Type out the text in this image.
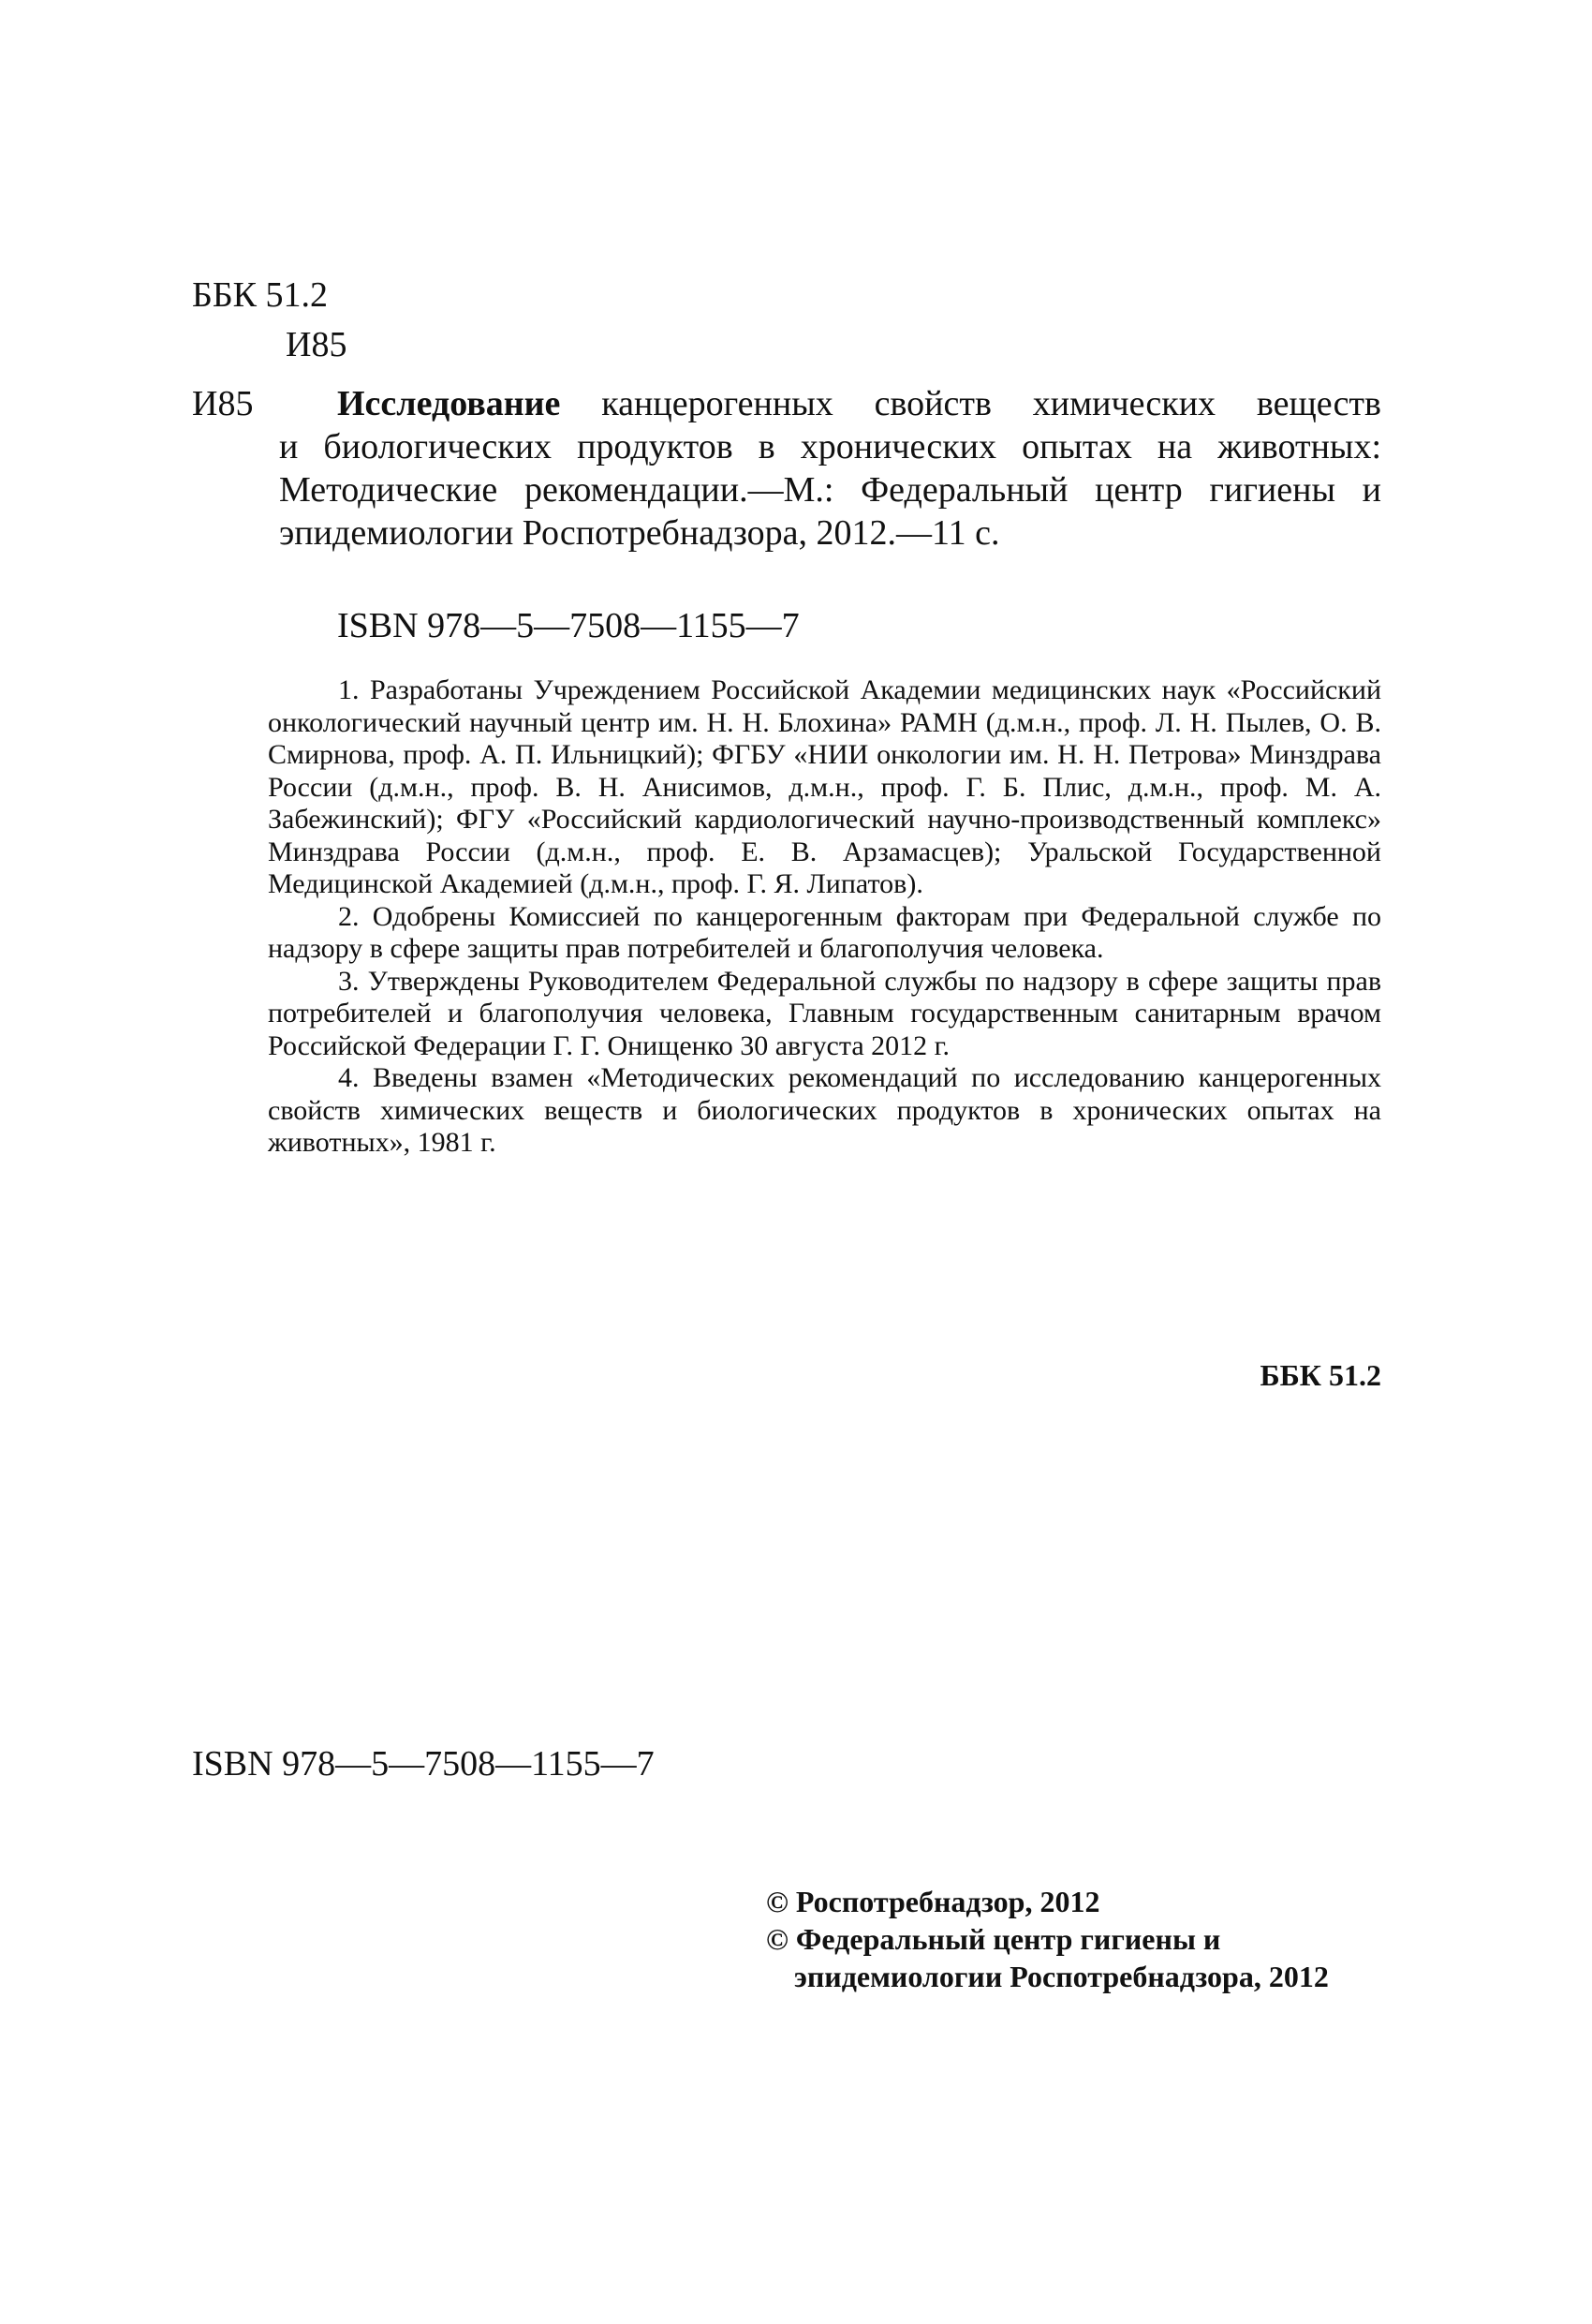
ББК 51.2
И85
И85 Исследование канцерогенных свойств химических веществ
и биологических продуктов в хронических опытах на животных: Методические рекомендации.—М.: Федеральный центр гигиены и эпидемиологии Роспотребнадзора, 2012.—11 с.
ISBN 978—5—7508—1155—7

1. Разработаны Учреждением Российской Академии медицинских наук «Российский онкологический научный центр им. Н. Н. Блохина» РАМН (д.м.н., проф. Л. Н. Пылев, О. В. Смирнова, проф. А. П. Ильницкий); ФГБУ «НИИ онкологии им. Н. Н. Петрова» Минздрава России (д.м.н., проф. В. Н. Анисимов, д.м.н., проф. Г. Б. Плис, д.м.н., проф. М. А. Забежинский); ФГУ «Российский кардиологический научно-производственный комплекс» Минздрава России (д.м.н., проф. Е. В. Арзамасцев); Уральской Государственной Медицинской Академией (д.м.н., проф. Г. Я. Липатов).

2. Одобрены Комиссией по канцерогенным факторам при Федеральной службе по надзору в сфере защиты прав потребителей и благополучия человека.

3. Утверждены Руководителем Федеральной службы по надзору в сфере защиты прав потребителей и благополучия человека, Главным государственным санитарным врачом Российской Федерации Г. Г. Онищенко 30 августа 2012 г.

4. Введены взамен «Методических рекомендаций по исследованию канцерогенных свойств химических веществ и биологических продуктов в хронических опытах на животных», 1981 г.

ББК 51.2
ISBN 978—5—7508—1155—7
© Роспотребнадзор, 2012
© Федеральный центр гигиены и
эпидемиологии Роспотребнадзора, 2012
